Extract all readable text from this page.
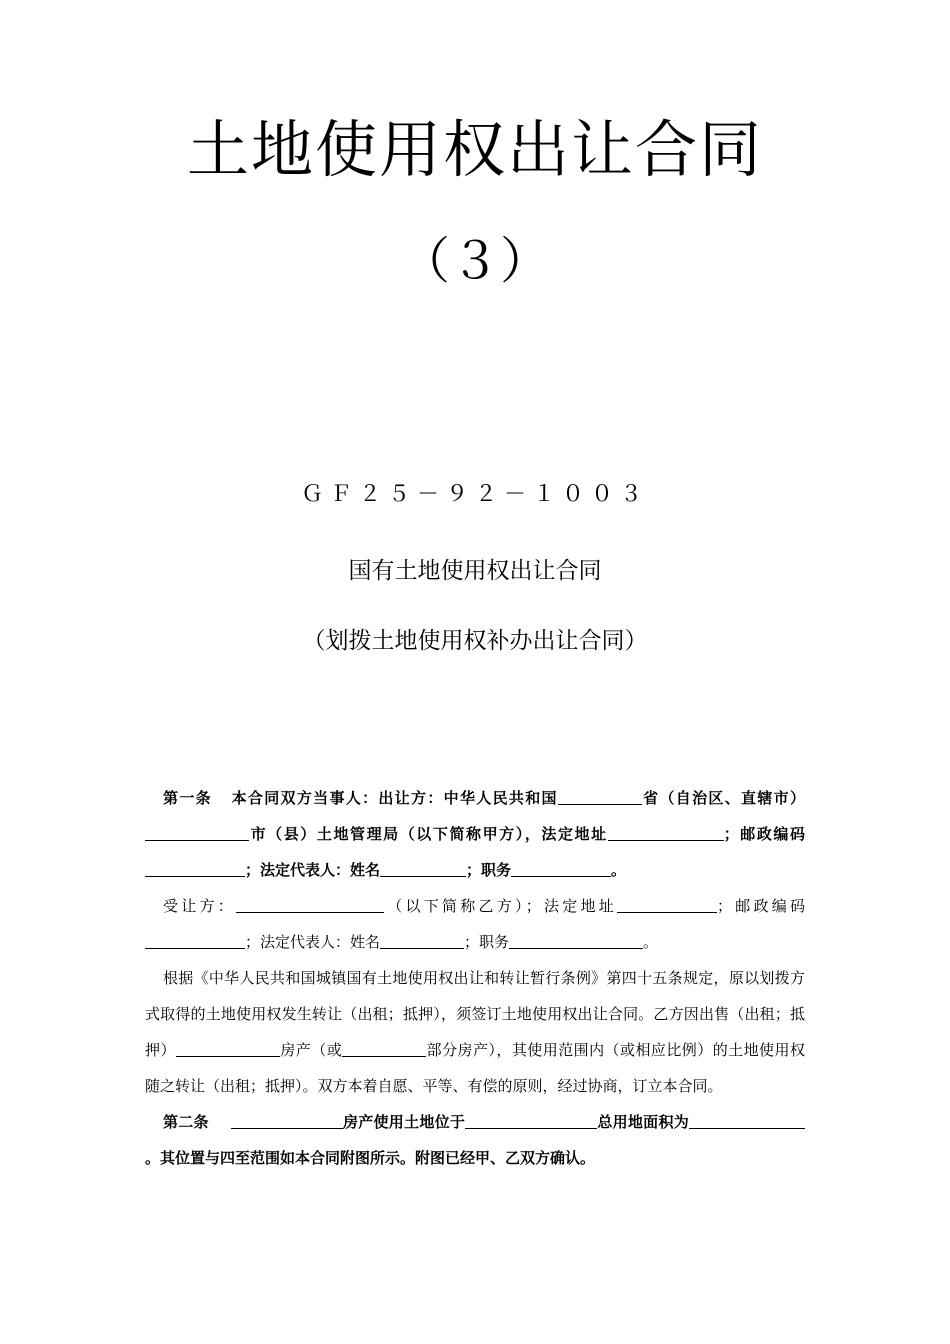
土地使用权出让合同
（３）
ＧＦ２５－９２－１００３
国有土地使用权出让合同
（划拨土地使用权补办出让合同）

第一条 本合同双方当事人：出让方：中华人民共和国	省（自治区、直辖市）市（县）土地管理局（以下简称甲方），法定地址	；邮政编码；法定代表人：姓名	；职务	。

受让方：	（以下简称乙方）；法定地址	；邮政编码；法定代表人：姓名	；职务	。

根据《中华人民共和国城镇国有土地使用权出让和转让暂行条例》第四十五条规定，原以划拨方式取得的土地使用权发生转让（出租；抵押），须签订土地使用权出让合同。乙方因出售（出租；抵押）	房产（或	部分房产），其使用范围内（或相应比例）的土地使用权随之转让（出租；抵押）。双方本着自愿、平等、有偿的原则，经过协商，订立本合同。

第二条	房产使用土地位于	总用地面积为。其位置与四至范围如本合同附图所示。附图已经甲、乙双方确认。
